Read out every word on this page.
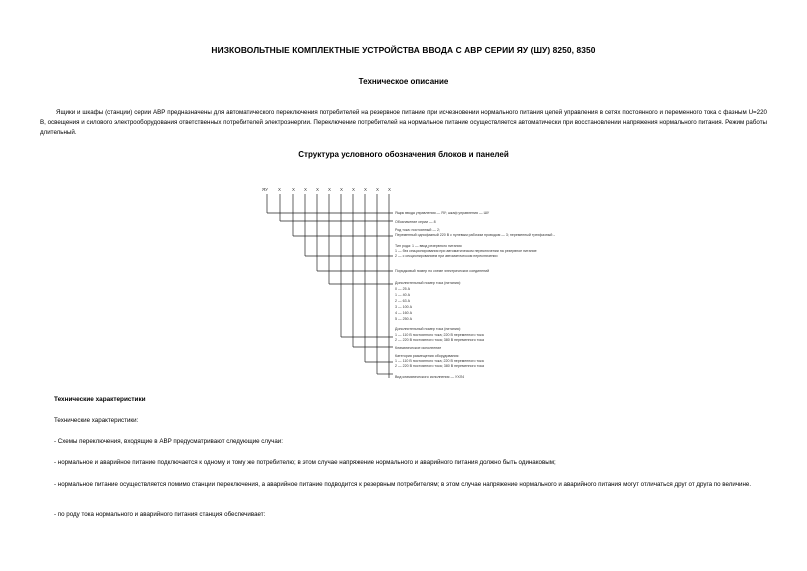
НИЗКОВОЛЬТНЫЕ КОМПЛЕКТНЫЕ УСТРОЙСТВА ВВОДА С АВР СЕРИИ ЯУ (ШУ) 8250, 8350
Техническое описание
Ящики и шкафы (станции) серии АВР предназначены для автоматического переключения потребителей на резервное питание при исчезновении нормального питания цепей управления в сетях постоянного и переменного тока с фазным U=220 В, освещения и силового электрооборудования ответственных потребителей электроэнергии. Переключение потребителей на нормальное питание осуществляется автоматически при восстановлении напряжения нормального питания. Режим работы длительный.
Структура условного обозначения блоков и панелей
ЯУ Х	Х Х Х Х Х Х Х Х Х
Ящик ввода управления — ЯУ; шкаф управления — ШУ
Обозначение серии — 8
Род тока: постоянный — 2;
Переменный однофазный 220 В с нулевым рабочим проводом — 3; переменный трехфазный — 5
Тип рода: 1 — ввод резервного питания
1 — без секционирования при автоматическом переключении на резервное питание
2 — с секционированием при автоматическом переключении
Порядковый номер по схеме электрических соединений
Дополнительный номер тока (питания):
0 — 25 А
1 — 40 А
2 — 63 А
3 — 100 А
4 — 160 А
5 — 250 А
Дополнительный номер тока (питания):
1 — 110 В постоянного тока; 220 В переменного тока
2 — 220 В постоянного тока; 380 В переменного тока
Климатическое исполнение
Категория размещения оборудования:
1 — 110 В постоянного тока; 220 В переменного тока
2 — 220 В постоянного тока; 380 В переменного тока
Вид климатического исполнения — УХЛ4
Технические характеристики
Технические характеристики:
- Схемы переключения, входящие в АВР предусматривают следующие случаи:
- нормальное и аварийное питание подключается к одному и тому же потребителю; в этом случае напряжение нормального и аварийного питания должно быть одинаковым;
- нормальное питание осуществляется помимо станции переключения, а аварийное питание подводится к резервным потребителям; в этом случае напряжение нормального и аварийного питания могут отличаться друг от друга по величине.
- по роду тока нормального и аварийного питания станция обеспечивает:
